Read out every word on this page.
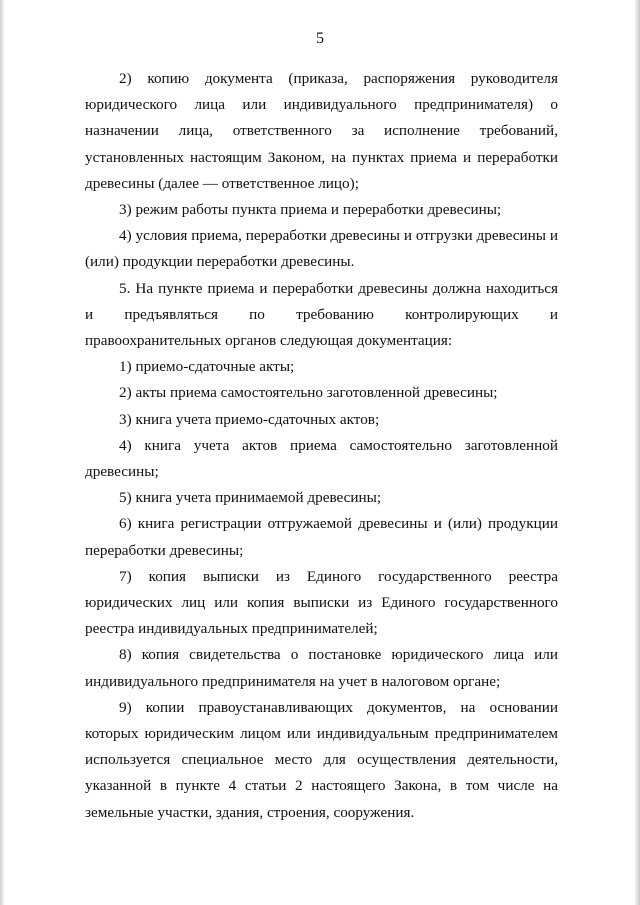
5

2) копию документа (приказа, распоряжения руководителя юридического лица или индивидуального предпринимателя) о назначении лица, ответственного за исполнение требований, установленных настоящим Законом, на пунктах приема и переработки древесины (далее — ответственное лицо);

3) режим работы пункта приема и переработки древесины;

4) условия приема, переработки древесины и отгрузки древесины и (или) продукции переработки древесины.

5. На пункте приема и переработки древесины должна находиться и предъявляться по требованию контролирующих и правоохранительных органов следующая документация:

1) приемо-сдаточные акты;

2) акты приема самостоятельно заготовленной древесины;

3) книга учета приемо-сдаточных актов;

4) книга учета актов приема самостоятельно заготовленной древесины;

5) книга учета принимаемой древесины;

6) книга регистрации отгружаемой древесины и (или) продукции переработки древесины;

7) копия выписки из Единого государственного реестра юридических лиц или копия выписки из Единого государственного реестра индивидуальных предпринимателей;

8) копия свидетельства о постановке юридического лица или индивидуального предпринимателя на учет в налоговом органе;

9) копии правоустанавливающих документов, на основании которых юридическим лицом или индивидуальным предпринимателем используется специальное место для осуществления деятельности, указанной в пункте 4 статьи 2 настоящего Закона, в том числе на земельные участки, здания, строения, сооружения.
